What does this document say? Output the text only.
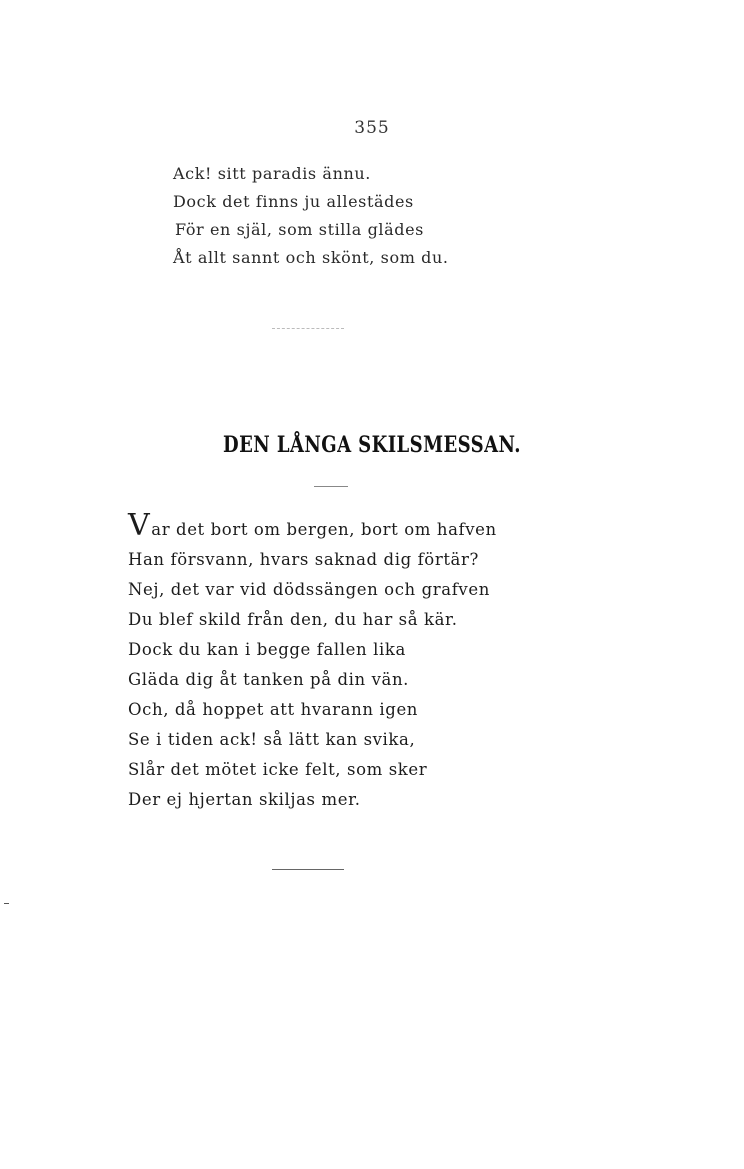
355
Ack! sitt paradis ännu.
Dock det finns ju allestädes
För en själ, som stilla glädes
Åt allt sannt och skönt, som du.
DEN LÅNGA SKILSMESSAN.
Var det bort om bergen, bort om hafven
Han försvann, hvars saknad dig förtär?
Nej, det var vid dödssängen och grafven
Du blef skild från den, du har så kär.
Dock du kan i begge fallen lika
Gläda dig åt tanken på din vän.
Och, då hoppet att hvarann igen
Se i tiden ack! så lätt kan svika,
Slår det mötet icke felt, som sker
Der ej hjertan skiljas mer.
